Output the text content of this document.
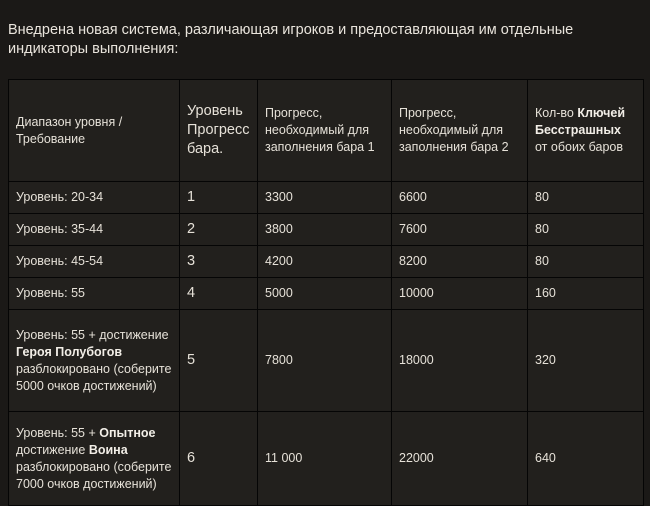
Внедрена новая система, различающая игроков и предоставляющая им отдельные индикаторы выполнения:

Диапазон уровня / Требование	Уровень Прогресс бара.	Прогресс, необходимый для заполнения бара 1	Прогресс, необходимый для заполнения бара 2	Кол-во Ключей Бесстрашных от обоих баров
Уровень: 20-34	1	3300	6600	80
Уровень: 35-44	2	3800	7600	80
Уровень: 45-54	3	4200	8200	80
Уровень: 55	4	5000	10000	160
Уровень: 55 + достижение Героя Полубогов разблокировано (соберите 5000 очков достижений)	5	7800	18000	320
Уровень: 55 + Опытное достижение Воина разблокировано (соберите 7000 очков достижений)	6	11 000	22000	640
